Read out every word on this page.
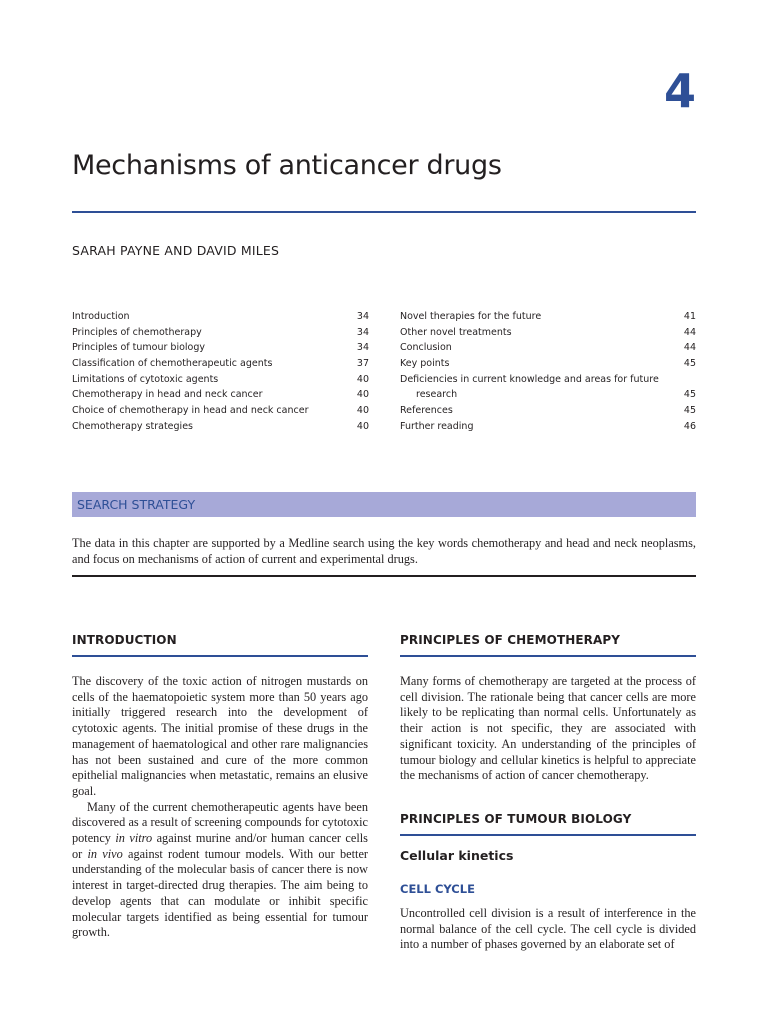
4
Mechanisms of anticancer drugs
SARAH PAYNE AND DAVID MILES
Introduction	34
Principles of chemotherapy	34
Principles of tumour biology	34
Classification of chemotherapeutic agents	37
Limitations of cytotoxic agents	40
Chemotherapy in head and neck cancer	40
Choice of chemotherapy in head and neck cancer	40
Chemotherapy strategies	40
Novel therapies for the future	41
Other novel treatments	44
Conclusion	44
Key points	45
Deficiencies in current knowledge and areas for future
research	45
References	45
Further reading	46
SEARCH STRATEGY

The data in this chapter are supported by a Medline search using the key words chemotherapy and head and neck neoplasms, and focus on mechanisms of action of current and experimental drugs.

INTRODUCTION

The discovery of the toxic action of nitrogen mustards on cells of the haematopoietic system more than 50 years ago initially triggered research into the development of cytotoxic agents. The initial promise of these drugs in the management of haematological and other rare malignancies has not been sustained and cure of the more common epithelial malignancies when metastatic, remains an elusive goal.

Many of the current chemotherapeutic agents have been discovered as a result of screening compounds for cytotoxic potency in vitro against murine and/or human cancer cells or in vivo against rodent tumour models. With our better understanding of the molecular basis of cancer there is now interest in target-directed drug therapies. The aim being to develop agents that can modulate or inhibit specific molecular targets identified as being essential for tumour growth.

PRINCIPLES OF CHEMOTHERAPY

Many forms of chemotherapy are targeted at the process of cell division. The rationale being that cancer cells are more likely to be replicating than normal cells. Unfortunately as their action is not specific, they are associated with significant toxicity. An understanding of the principles of tumour biology and cellular kinetics is helpful to appreciate the mechanisms of action of cancer chemotherapy.

PRINCIPLES OF TUMOUR BIOLOGY
Cellular kinetics
CELL CYCLE

Uncontrolled cell division is a result of interference in the normal balance of the cell cycle. The cell cycle is divided into a number of phases governed by an elaborate set of
